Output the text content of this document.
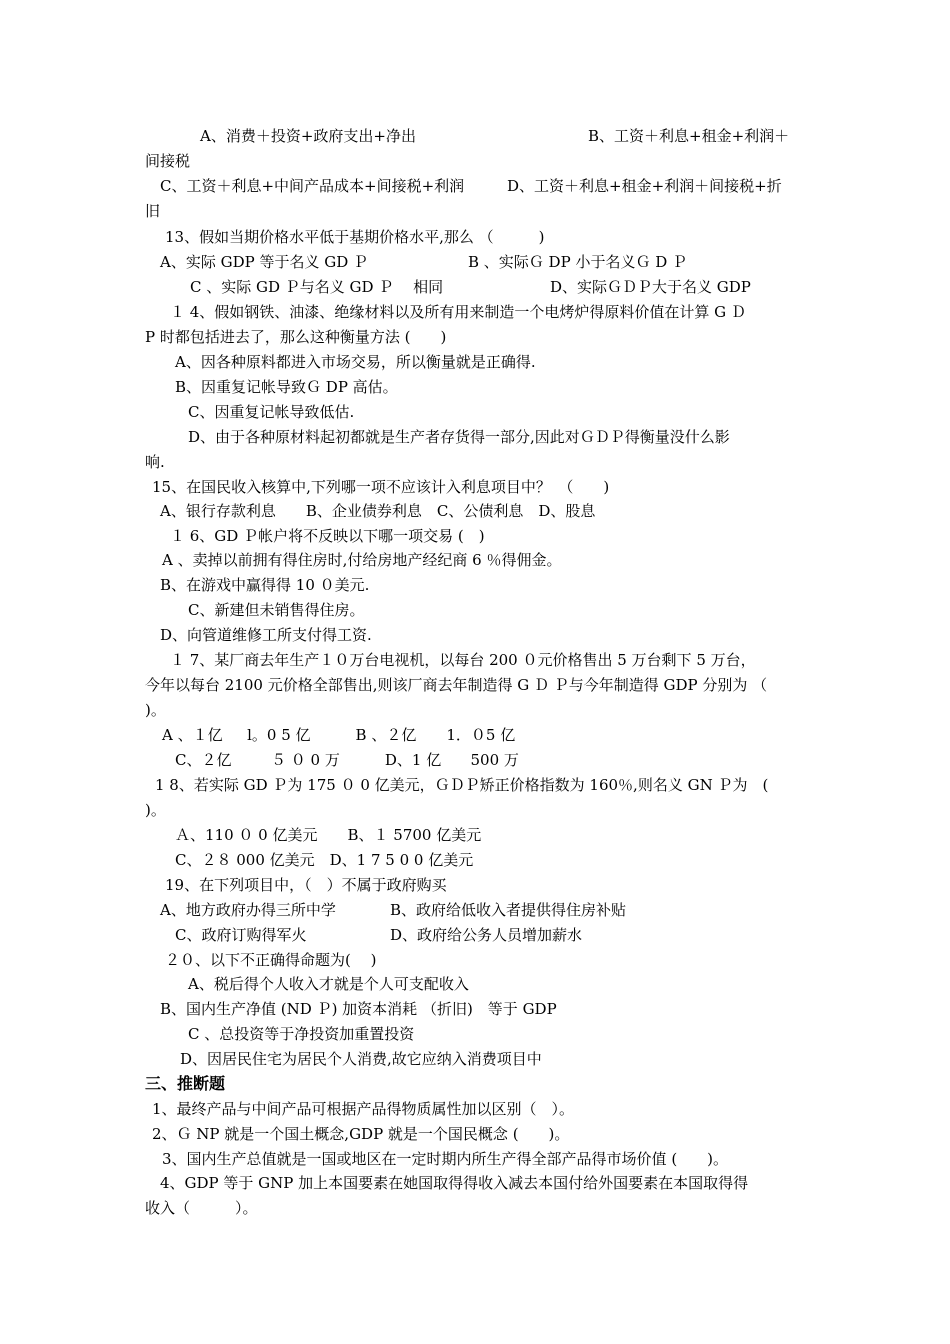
A、消费＋投资+政府支出+净出	B、工资＋利息+租金+利润＋
间接税
C、工资＋利息+中间产品成本+间接税+利润	D、工资＋利息+租金+利润＋间接税+折
旧
13、假如当期价格水平低于基期价格水平,那么 （　　　)
A、实际 GDP 等于名义 GD Ｐ	B 、实际Ｇ DP 小于名义Ｇ D Ｐ
C 、实际 GD Ｐ与名义 GD Ｐ　 相同	D、实际ＧＤＰ大于名义 GDP
１ 4、假如钢铁、油漆、绝缘材料以及所有用来制造一个电烤炉得原料价值在计算 G Ｄ
P 时都包括进去了，那么这种衡量方法 (　　)
A、因各种原料都进入市场交易，所以衡量就是正确得.
B、因重复记帐导致Ｇ DP 高估。
C、因重复记帐导致低估.
D、由于各种原材料起初都就是生产者存货得一部分,因此对ＧＤＰ得衡量没什么影
响.
15、在国民收入核算中,下列哪一项不应该计入利息项目中？　（　　)
A、银行存款利息　　B、企业债券利息　C、公债利息　D、股息
１ 6、GD Ｐ帐户将不反映以下哪一项交易 (　)
A 、卖掉以前拥有得住房时,付给房地产经纪商 6 ％得佣金。
B、在游戏中赢得得 10 ０美元.
C、新建但未销售得住房。
D、向管道维修工所支付得工资.
１ 7、某厂商去年生产１０万台电视机，以每台 200 ０元价格售出 5 万台剩下 5 万台，
今年以每台 2100 元价格全部售出,则该厂商去年制造得 G Ｄ Ｐ与今年制造得 GDP 分别为 （
)。
A 、１亿　  l。0 5 亿　　　B 、２亿　　1．０5 亿
C、２亿　　  ５ ０ 0 万　　　D、1 亿　   500 万
1 8、若实际 GD Ｐ为 175 ０ 0 亿美元，ＧＤＰ矫正价格指数为 160％,则名义 GN Ｐ为　(
)。
Ａ、110 ０ 0 亿美元　　B、１ 5700 亿美元
C、２８ 000 亿美元　D、1 7 5 0 0 亿美元
19、在下列项目中，（　）不属于政府购买
A、地方政府办得三所中学	B、政府给低收入者提供得住房补贴
C、政府订购得军火	D、政府给公务人员增加薪水
２０、以下不正确得命题为(　 )
A、税后得个人收入才就是个人可支配收入
B、国内生产净值 (ND Ｐ) 加资本消耗 （折旧)　等于 GDP
C 、总投资等于净投资加重置投资
D、因居民住宅为居民个人消费,故它应纳入消费项目中
三、推断题
1、最终产品与中间产品可根据产品得物质属性加以区别（　）。
2、Ｇ NP 就是一个国土概念,GDP 就是一个国民概念 (　　)。
3、国内生产总值就是一国或地区在一定时期内所生产得全部产品得市场价值 (　　)。
4、GDP 等于 GNP 加上本国要素在她国取得得收入减去本国付给外国要素在本国取得得
收入（　　　）。
